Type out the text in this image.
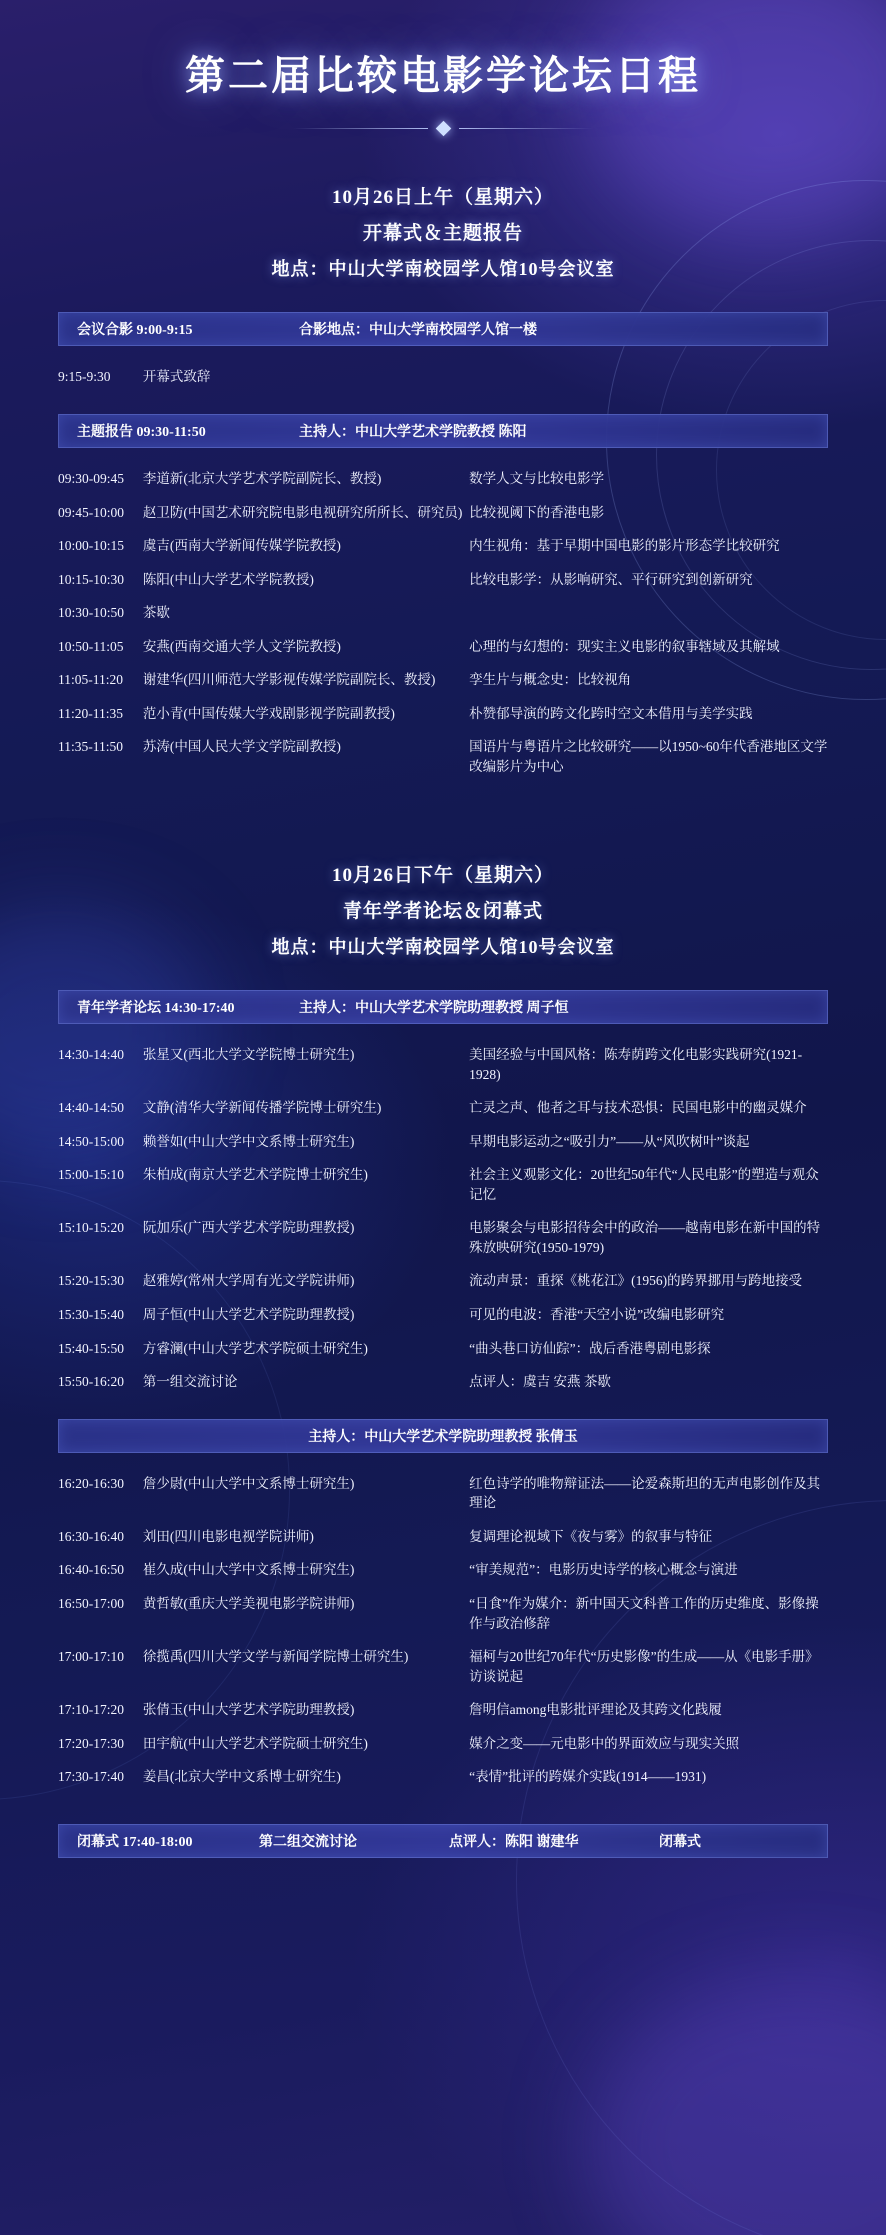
第二届比较电影学论坛日程
10月26日上午（星期六）
开幕式＆主题报告
地点：中山大学南校园学人馆10号会议室
会议合影 9:00-9:15	合影地点：中山大学南校园学人馆一楼
9:15-9:30	开幕式致辞	
主题报告 09:30-11:50	主持人：中山大学艺术学院教授 陈阳
09:30-09:45	李道新(北京大学艺术学院副院长、教授)	数学人文与比较电影学
09:45-10:00	赵卫防(中国艺术研究院电影电视研究所所长、研究员)	比较视阈下的香港电影
10:00-10:15	虞吉(西南大学新闻传媒学院教授)	内生视角：基于早期中国电影的影片形态学比较研究
10:15-10:30	陈阳(中山大学艺术学院教授)	比较电影学：从影响研究、平行研究到创新研究
10:30-10:50	茶歇	
10:50-11:05	安燕(西南交通大学人文学院教授)	心理的与幻想的：现实主义电影的叙事辖域及其解域
11:05-11:20	谢建华(四川师范大学影视传媒学院副院长、教授)	孪生片与概念史：比较视角
11:20-11:35	范小青(中国传媒大学戏剧影视学院副教授)	朴赞郁导演的跨文化跨时空文本借用与美学实践
11:35-11:50	苏涛(中国人民大学文学院副教授)	国语片与粤语片之比较研究——以1950~60年代香港地区文学改编影片为中心
10月26日下午（星期六）
青年学者论坛＆闭幕式
地点：中山大学南校园学人馆10号会议室
青年学者论坛 14:30-17:40	主持人：中山大学艺术学院助理教授 周子恒
14:30-14:40	张星又(西北大学文学院博士研究生)	美国经验与中国风格：陈寿荫跨文化电影实践研究(1921-1928)
14:40-14:50	文静(清华大学新闻传播学院博士研究生)	亡灵之声、他者之耳与技术恐惧：民国电影中的幽灵媒介
14:50-15:00	赖誉如(中山大学中文系博士研究生)	早期电影运动之“吸引力”——从“风吹树叶”谈起
15:00-15:10	朱柏成(南京大学艺术学院博士研究生)	社会主义观影文化：20世纪50年代“人民电影”的塑造与观众记忆
15:10-15:20	阮加乐(广西大学艺术学院助理教授)	电影聚会与电影招待会中的政治——越南电影在新中国的特殊放映研究(1950-1979)
15:20-15:30	赵雅婷(常州大学周有光文学院讲师)	流动声景：重探《桃花江》(1956)的跨界挪用与跨地接受
15:30-15:40	周子恒(中山大学艺术学院助理教授)	可见的电波：香港“天空小说”改编电影研究
15:40-15:50	方睿澜(中山大学艺术学院硕士研究生)	“曲头巷口访仙踪”：战后香港粤剧电影探
15:50-16:20	第一组交流讨论	点评人：虞吉 安燕 茶歇
主持人：中山大学艺术学院助理教授 张倩玉
16:20-16:30	詹少尉(中山大学中文系博士研究生)	红色诗学的唯物辩证法——论爱森斯坦的无声电影创作及其理论
16:30-16:40	刘田(四川电影电视学院讲师)	复调理论视域下《夜与雾》的叙事与特征
16:40-16:50	崔久成(中山大学中文系博士研究生)	“审美规范”：电影历史诗学的核心概念与演进
16:50-17:00	黄哲敏(重庆大学美视电影学院讲师)	“日食”作为媒介：新中国天文科普工作的历史维度、影像操作与政治修辞
17:00-17:10	徐揽禹(四川大学文学与新闻学院博士研究生)	福柯与20世纪70年代“历史影像”的生成——从《电影手册》访谈说起
17:10-17:20	张倩玉(中山大学艺术学院助理教授)	詹明信among电影批评理论及其跨文化践履
17:20-17:30	田宇航(中山大学艺术学院硕士研究生)	媒介之变——元电影中的界面效应与现实关照
17:30-17:40	姜昌(北京大学中文系博士研究生)	“表情”批评的跨媒介实践(1914——1931)
闭幕式 17:40-18:00	第二组交流讨论	点评人：陈阳 谢建华	闭幕式
